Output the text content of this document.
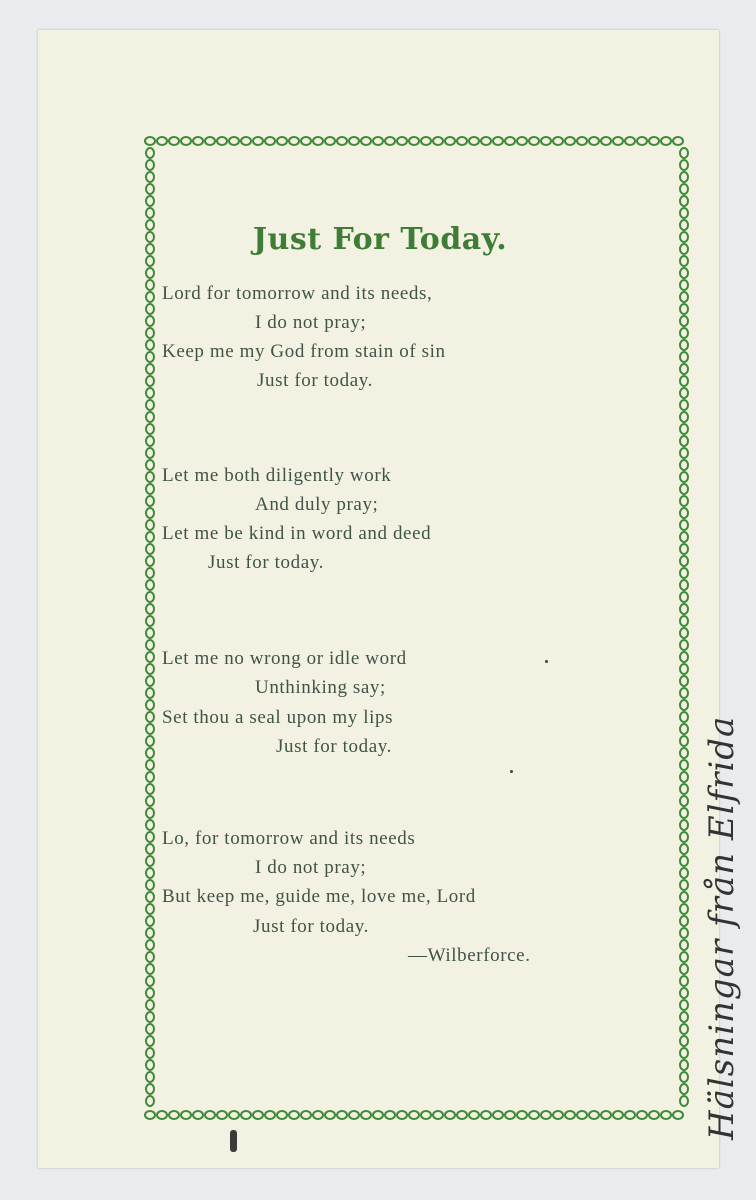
Just For Today.
Lord for tomorrow and its needs,
I do not pray;
Keep me my God from stain of sin
Just for today.
Let me both diligently work
And duly pray;
Let me be kind in word and deed
Just for today.
Let me no wrong or idle word
Unthinking say;
Set thou a seal upon my lips
Just for today.
Lo, for tomorrow and its needs
I do not pray;
But keep me, guide me, love me, Lord
Just for today.
—Wilberforce.	Hälsningar från Elfrida
